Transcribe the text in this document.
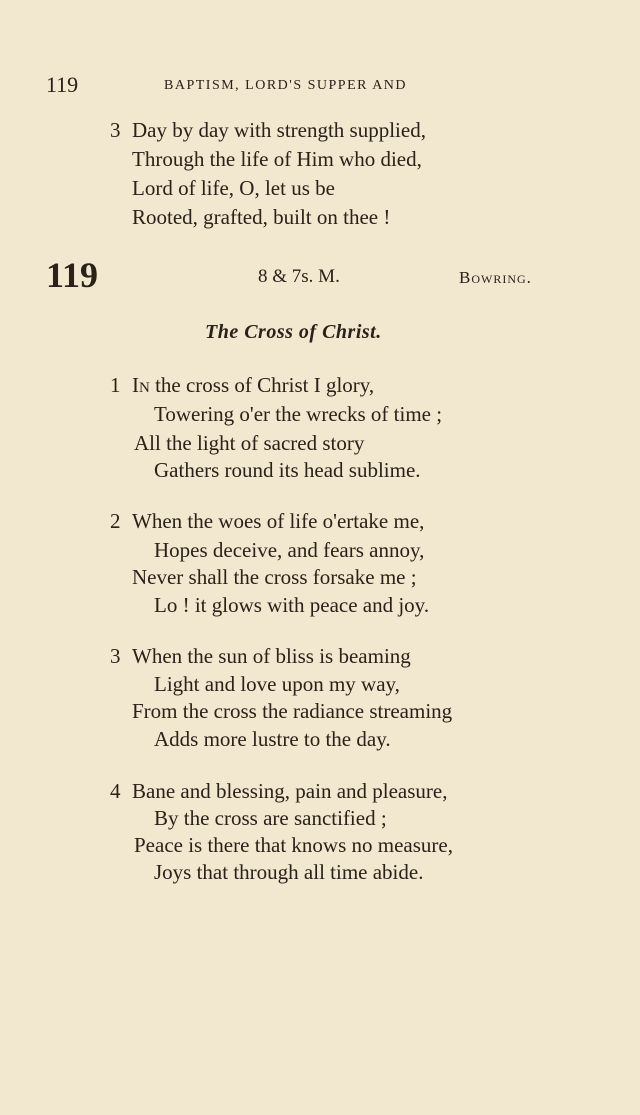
119	BAPTISM, LORD'S SUPPER AND
3 Day by day with strength supplied,
Through the life of Him who died,
Lord of life, O, let us be
Rooted, grafted, built on thee !
119	8 & 7s. M.	Bowring.
The Cross of Christ.
1 In the cross of Christ I glory,
Towering o'er the wrecks of time ;
All the light of sacred story
Gathers round its head sublime.
2 When the woes of life o'ertake me,
Hopes deceive, and fears annoy,
Never shall the cross forsake me ;
Lo ! it glows with peace and joy.
3 When the sun of bliss is beaming
Light and love upon my way,
From the cross the radiance streaming
Adds more lustre to the day.
4 Bane and blessing, pain and pleasure,
By the cross are sanctified ;
Peace is there that knows no measure,
Joys that through all time abide.
